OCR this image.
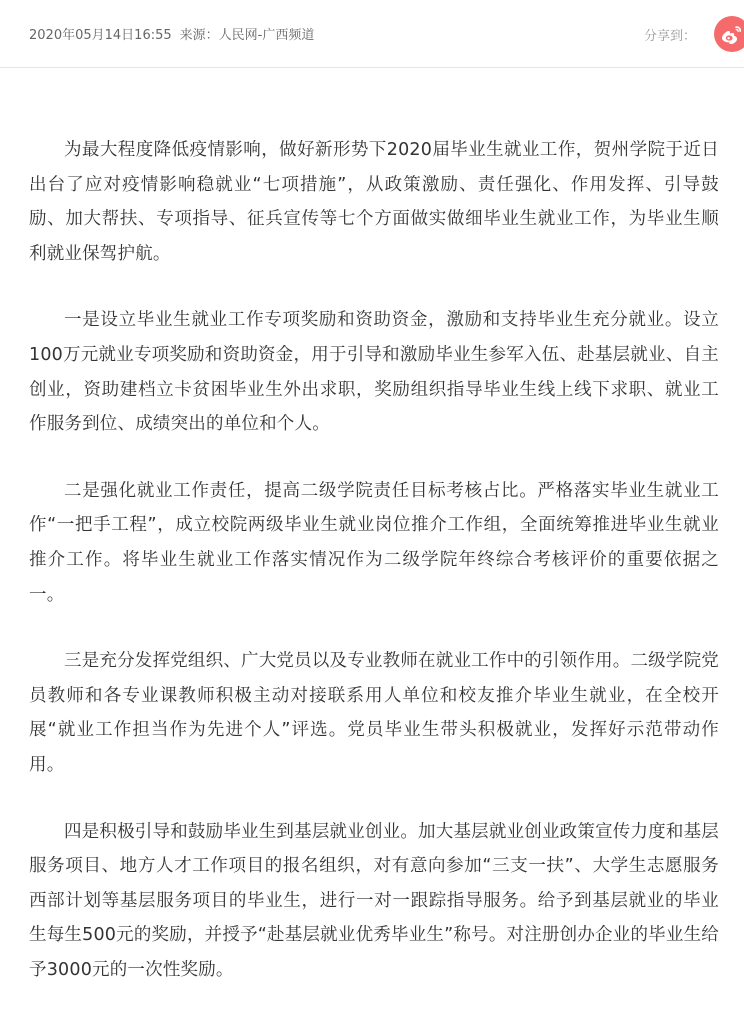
2020年05月14日16:55 来源：人民网-广西频道	分享到：

为最大程度降低疫情影响，做好新形势下2020届毕业生就业工作，贺州学院于近日出台了应对疫情影响稳就业“七项措施”，从政策激励、责任强化、作用发挥、引导鼓励、加大帮扶、专项指导、征兵宣传等七个方面做实做细毕业生就业工作，为毕业生顺利就业保驾护航。

一是设立毕业生就业工作专项奖励和资助资金，激励和支持毕业生充分就业。设立100万元就业专项奖励和资助资金，用于引导和激励毕业生参军入伍、赴基层就业、自主创业，资助建档立卡贫困毕业生外出求职，奖励组织指导毕业生线上线下求职、就业工作服务到位、成绩突出的单位和个人。

二是强化就业工作责任，提高二级学院责任目标考核占比。严格落实毕业生就业工作“一把手工程”，成立校院两级毕业生就业岗位推介工作组，全面统筹推进毕业生就业推介工作。将毕业生就业工作落实情况作为二级学院年终综合考核评价的重要依据之一。

三是充分发挥党组织、广大党员以及专业教师在就业工作中的引领作用。二级学院党员教师和各专业课教师积极主动对接联系用人单位和校友推介毕业生就业，在全校开展“就业工作担当作为先进个人”评选。党员毕业生带头积极就业，发挥好示范带动作用。

四是积极引导和鼓励毕业生到基层就业创业。加大基层就业创业政策宣传力度和基层服务项目、地方人才工作项目的报名组织，对有意向参加“三支一扶”、大学生志愿服务西部计划等基层服务项目的毕业生，进行一对一跟踪指导服务。给予到基层就业的毕业生每生500元的奖励，并授予“赴基层就业优秀毕业生”称号。对注册创办企业的毕业生给予3000元的一次性奖励。
